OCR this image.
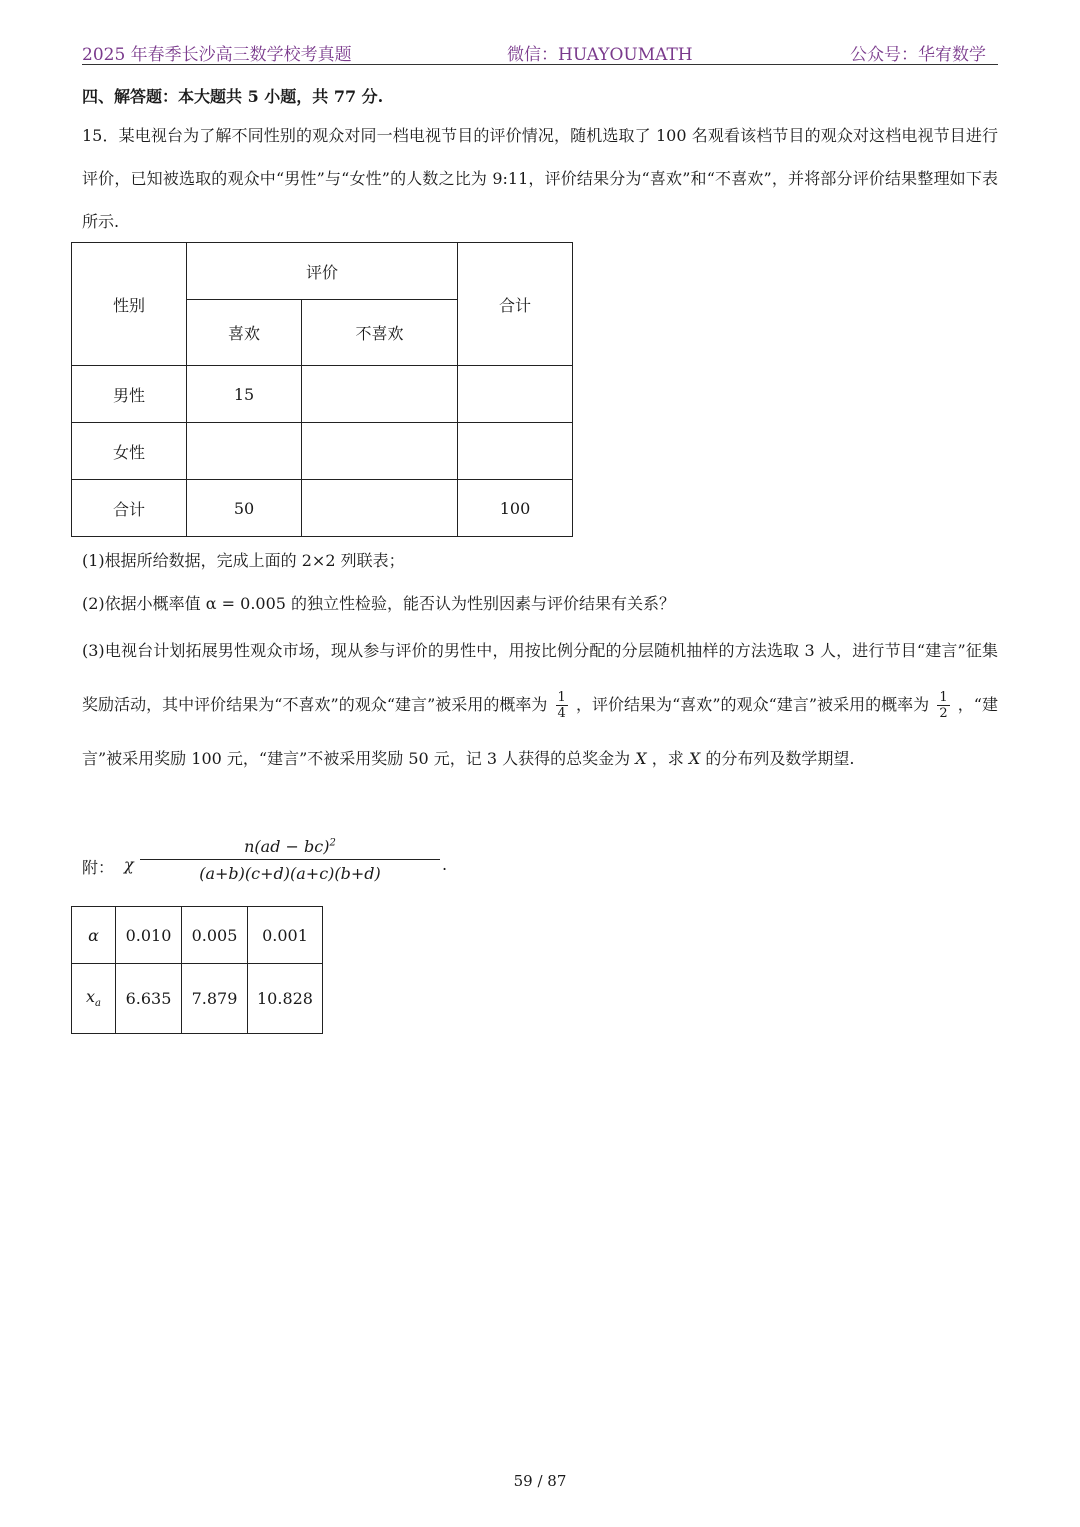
2025 年春季长沙高三数学校考真题	微信：HUAYOUMATH	公众号：华宥数学
四、解答题：本大题共 5 小题，共 77 分.
15．某电视台为了解不同性别的观众对同一档电视节目的评价情况，随机选取了 100 名观看该档节目的观众对这档电视节目进行评价，已知被选取的观众中“男性”与“女性”的人数之比为 9:11，评价结果分为“喜欢”和“不喜欢”，并将部分评价结果整理如下表所示.
性别	评价		合计
	喜欢	不喜欢	
男性	15		
女性			
合计	50		100
(1)根据所给数据，完成上面的 2×2 列联表；
(2)依据小概率值 α = 0.005 的独立性检验，能否认为性别因素与评价结果有关系？
(3)电视台计划拓展男性观众市场，现从参与评价的男性中，用按比例分配的分层随机抽样的方法选取 3 人，进行节目“建言”征集奖励活动，其中评价结果为“不喜欢”的观众“建言”被采用的概率为 $\frac{1}{4}$ ，评价结果为“喜欢”的观众“建言”被采用的概率为 $\frac{1}{2}$ ，“建言”被采用奖励 100 元，“建言”不被采用奖励 50 元，记 3 人获得的总奖金为 X ，求 X 的分布列及数学期望.
附： χ $\frac{n(ad - bc)^2}{(a+b)(c+d)(a+c)(b+d)}$ .
α	0.010	0.005	0.001
$x_a$	6.635	7.879	10.828
59 / 87
